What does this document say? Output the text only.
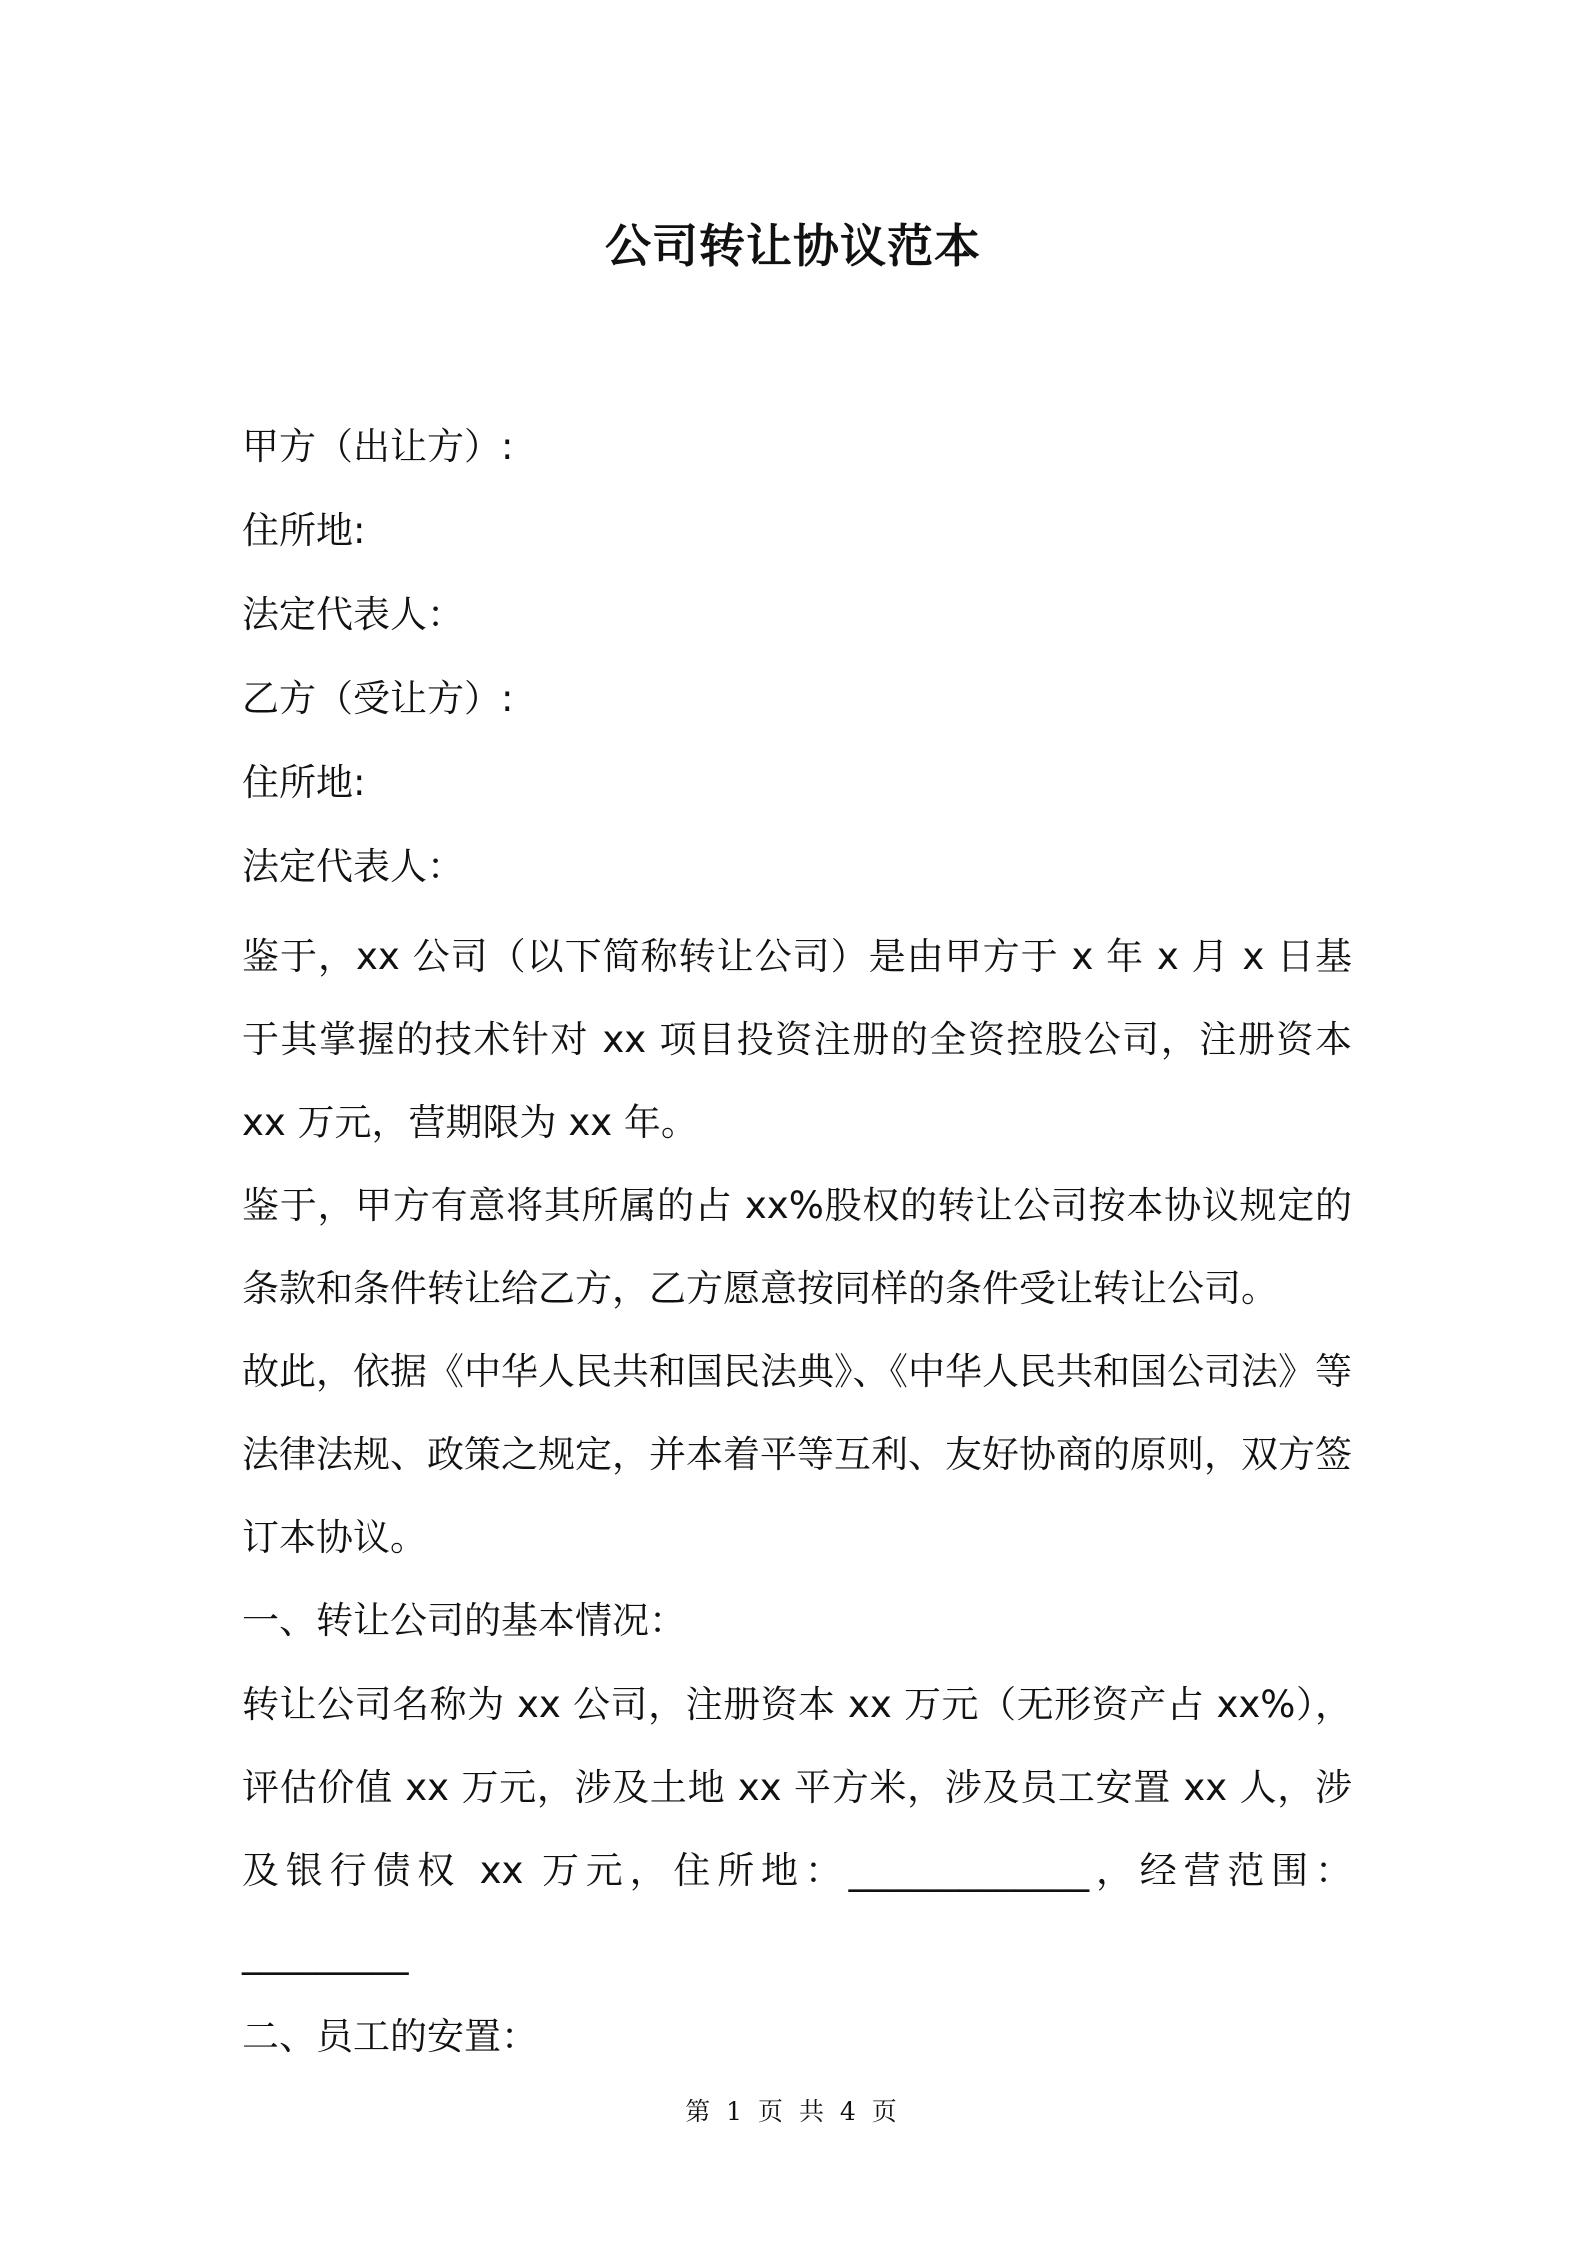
公司转让协议范本
甲方（出让方）:
住所地:
法定代表人：
乙方（受让方）:
住所地:
法定代表人：

鉴于，xx 公司（以下简称转让公司）是由甲方于 x 年 x 月 x 日基于其掌握的技术针对 xx 项目投资注册的全资控股公司，注册资本 xx 万元，营期限为 xx 年。

鉴于，甲方有意将其所属的占 xx%股权的转让公司按本协议规定的条款和条件转让给乙方，乙方愿意按同样的条件受让转让公司。

故此，依据《中华人民共和国民法典》、《中华人民共和国公司法》等法律法规、政策之规定，并本着平等互利、友好协商的原则，双方签订本协议。

一、转让公司的基本情况：

转让公司名称为 xx 公司，注册资本 xx 万元（无形资产占 xx%），评估价值 xx 万元，涉及土地 xx 平方米，涉及员工安置 xx 人，涉及银行债权 xx 万元，住所地：_____________，经营范围：_________

二、员工的安置：
第 1 页 共 4 页
